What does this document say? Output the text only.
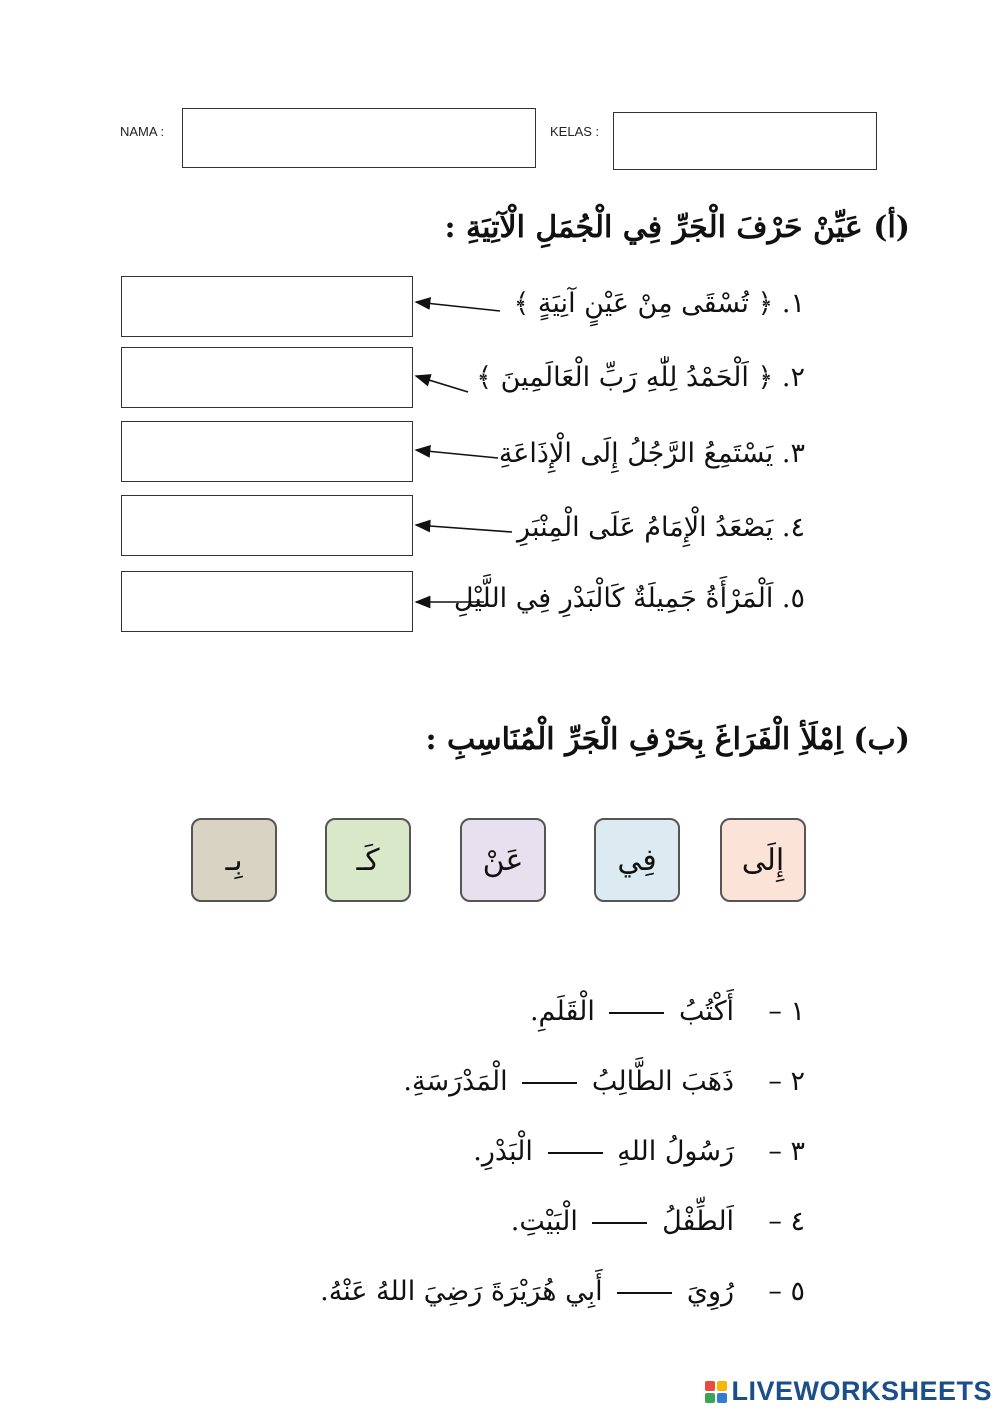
NAMA :	KELAS :
(أ) عَيِّنْ حَرْفَ الْجَرِّ فِي الْجُمَلِ الْآتِيَةِ :
١. ﴿ تُسْقَى مِنْ عَيْنٍ آنِيَةٍ ﴾
٢. ﴿ اَلْحَمْدُ لِلّٰهِ رَبِّ الْعَالَمِينَ ﴾
٣. يَسْتَمِعُ الرَّجُلُ إِلَى الْإِذَاعَةِ
٤. يَصْعَدُ الْإِمَامُ عَلَى الْمِنْبَرِ
٥. اَلْمَرْأَةُ جَمِيلَةٌ كَالْبَدْرِ فِي اللَّيْلِ
(ب) اِمْلَأِ الْفَرَاغَ بِحَرْفِ الْجَرِّ الْمُنَاسِبِ :
إِلَى
فِي
عَنْ
كَـ
بِـ
١ –    أَكْتُبُ  الْقَلَمِ.
٢ –    ذَهَبَ الطَّالِبُ  الْمَدْرَسَةِ.
٣ –    رَسُولُ اللهِ  الْبَدْرِ.
٤ –    اَلطِّفْلُ  الْبَيْتِ.
٥ –    رُوِيَ  أَبِي هُرَيْرَةَ رَضِيَ اللهُ عَنْهُ.
LIVEWORKSHEETS
